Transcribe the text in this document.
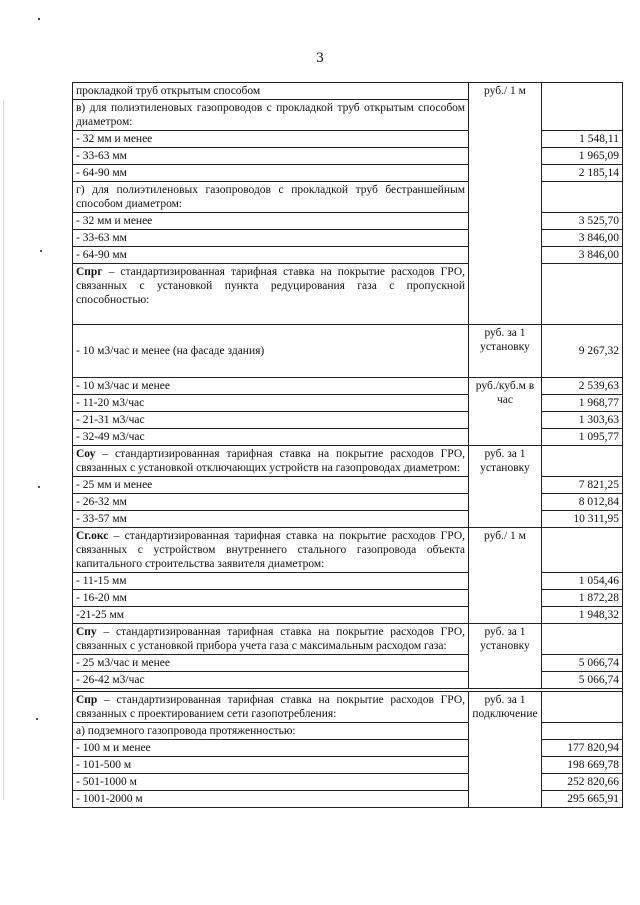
3
прокладкой труб открытым способом	руб./ 1 м	
в) для полиэтиленовых газопроводов с прокладкой труб открытым способом диаметром:		
- 32 мм и менее		1 548,11
- 33-63 мм		1 965,09
- 64-90 мм		2 185,14
г) для полиэтиленовых газопроводов с прокладкой труб бестраншейным способом диаметром:		
- 32 мм и менее		3 525,70
- 33-63 мм		3 846,00
- 64-90 мм		3 846,00
Спрг – стандартизированная тарифная ставка на покрытие расходов ГРО, связанных с установкой пункта редуцирования газа с пропускной способностью:		
- 10 м3/час и менее (на фасаде здания)	руб. за 1 установку	9 267,32
- 10 м3/час и менее	руб./куб.м в час	2 539,63
- 11-20 м3/час		1 968,77
- 21-31 м3/час		1 303,63
- 32-49 м3/час		1 095,77
Соу – стандартизированная тарифная ставка на покрытие расходов ГРО, связанных с установкой отключающих устройств на газопроводах диаметром:	руб. за 1 установку	
- 25 мм и менее		7 821,25
- 26-32 мм		8 012,84
- 33-57 мм		10 311,95
Сг.окс – стандартизированная тарифная ставка на покрытие расходов ГРО, связанных с устройством внутреннего стального газопровода объекта капитального строительства заявителя диаметром:	руб./ 1 м	
- 11-15 мм		1 054,46
- 16-20 мм		1 872,28
-21-25 мм		1 948,32
Спу – стандартизированная тарифная ставка на покрытие расходов ГРО, связанных с установкой прибора учета газа с максимальным расходом газа:	руб. за 1 установку	
- 25 м3/час и менее		5 066,74
- 26-42 м3/час		5 066,74

Спр – стандартизированная тарифная ставка на покрытие расходов ГРО, связанных с проектированием сети газопотребления:	руб. за 1 подключение	
а) подземного газопровода протяженностью:		
- 100 м и менее		177 820,94
- 101-500 м		198 669,78
- 501-1000 м		252 820,66
- 1001-2000 м		295 665,91
